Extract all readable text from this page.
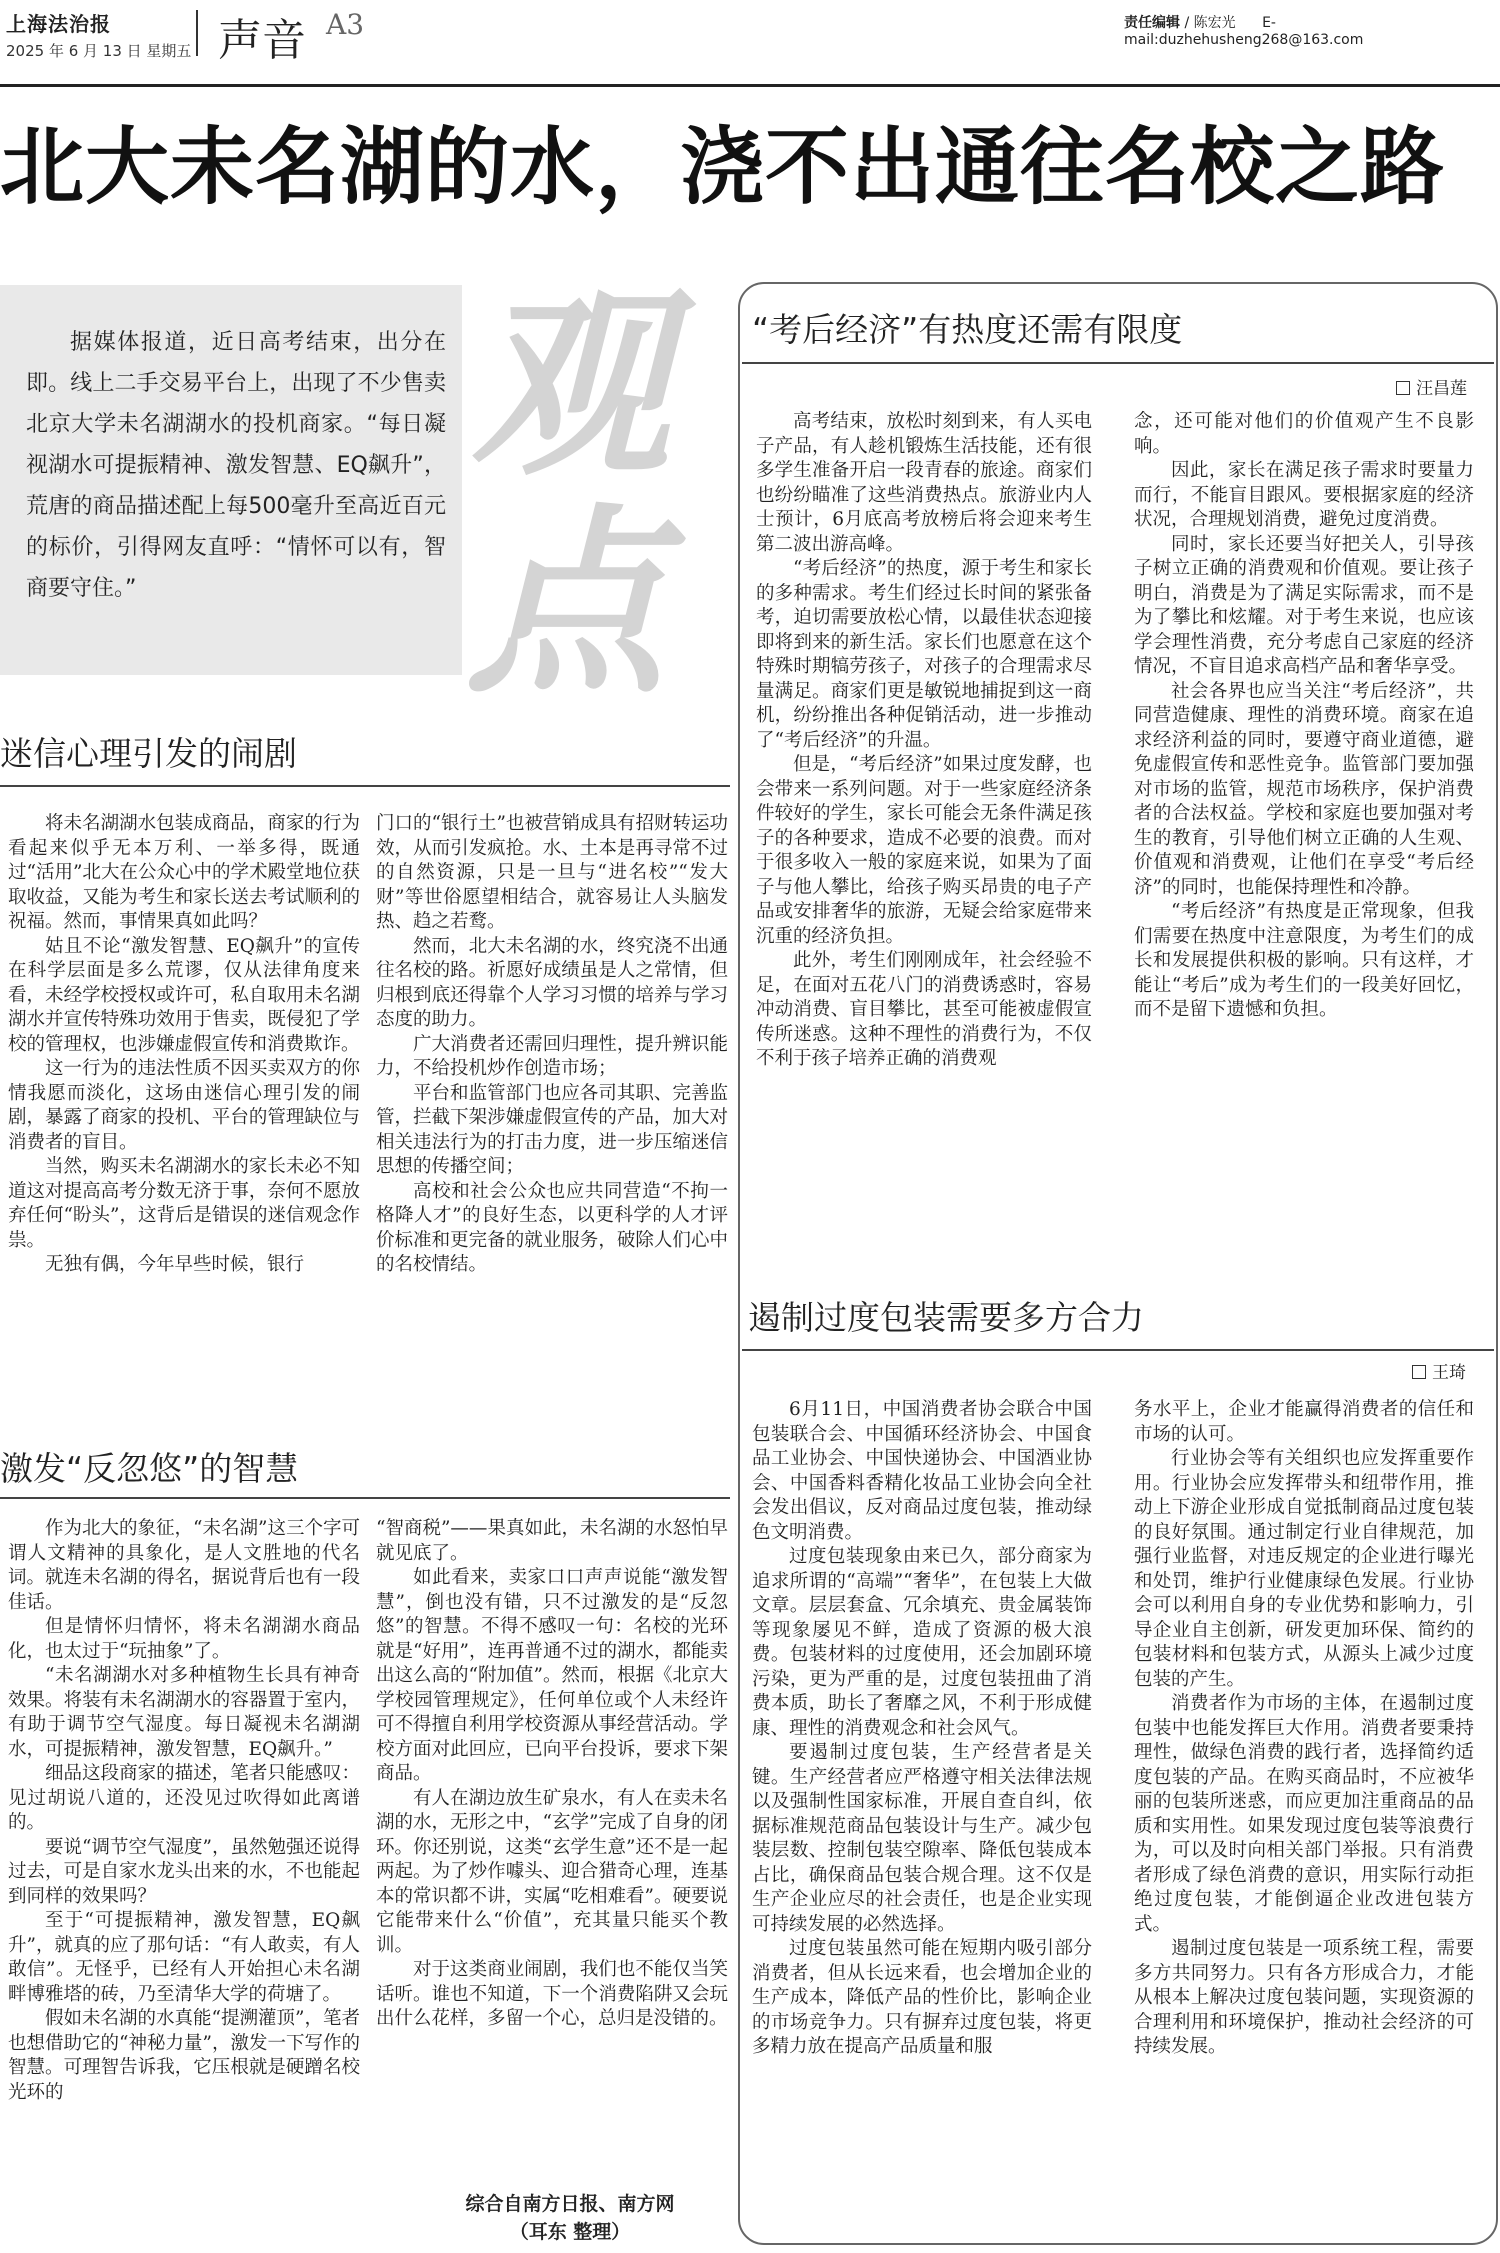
上海法治报
2025 年 6 月 13 日 星期五 声音 A3	责任编辑 / 陈宏光 E-mail:duzhehusheng268@163.com
北大未名湖的水，浇不出通往名校之路
据媒体报道，近日高考结束，出分在即。线上二手交易平台上，出现了不少售卖北京大学未名湖湖水的投机商家。“每日凝视湖水可提振精神、激发智慧、EQ飙升”，荒唐的商品描述配上每500毫升至高近百元的标价，引得网友直呼：“情怀可以有，智商要守住。”
观
点
迷信心理引发的闹剧

将未名湖湖水包装成商品，商家的行为看起来似乎无本万利、一举多得，既通过“活用”北大在公众心中的学术殿堂地位获取收益，又能为考生和家长送去考试顺利的祝福。然而，事情果真如此吗？

姑且不论“激发智慧、EQ飙升”的宣传在科学层面是多么荒谬，仅从法律角度来看，未经学校授权或许可，私自取用未名湖湖水并宣传特殊功效用于售卖，既侵犯了学校的管理权，也涉嫌虚假宣传和消费欺诈。

这一行为的违法性质不因买卖双方的你情我愿而淡化，这场由迷信心理引发的闹剧，暴露了商家的投机、平台的管理缺位与消费者的盲目。

当然，购买未名湖湖水的家长未必不知道这对提高高考分数无济于事，奈何不愿放弃任何“盼头”，这背后是错误的迷信观念作祟。

无独有偶，今年早些时候，银行

门口的“银行土”也被营销成具有招财转运功效，从而引发疯抢。水、土本是再寻常不过的自然资源，只是一旦与“进名校”“发大财”等世俗愿望相结合，就容易让人头脑发热、趋之若鹜。

然而，北大未名湖的水，终究浇不出通往名校的路。祈愿好成绩虽是人之常情，但归根到底还得靠个人学习习惯的培养与学习态度的助力。

广大消费者还需回归理性，提升辨识能力，不给投机炒作创造市场；

平台和监管部门也应各司其职、完善监管，拦截下架涉嫌虚假宣传的产品，加大对相关违法行为的打击力度，进一步压缩迷信思想的传播空间；

高校和社会公众也应共同营造“不拘一格降人才”的良好生态，以更科学的人才评价标准和更完备的就业服务，破除人们心中的名校情结。

激发“反忽悠”的智慧

作为北大的象征，“未名湖”这三个字可谓人文精神的具象化，是人文胜地的代名词。就连未名湖的得名，据说背后也有一段佳话。

但是情怀归情怀，将未名湖湖水商品化，也太过于“玩抽象”了。

“未名湖湖水对多种植物生长具有神奇效果。将装有未名湖湖水的容器置于室内，有助于调节空气湿度。每日凝视未名湖湖水，可提振精神，激发智慧，EQ飙升。”

细品这段商家的描述，笔者只能感叹：见过胡说八道的，还没见过吹得如此离谱的。

要说“调节空气湿度”，虽然勉强还说得过去，可是自家水龙头出来的水，不也能起到同样的效果吗？

至于“可提振精神，激发智慧，EQ飙升”，就真的应了那句话：“有人敢卖，有人敢信”。无怪乎，已经有人开始担心未名湖畔博雅塔的砖，乃至清华大学的荷塘了。

假如未名湖的水真能“提溯灌顶”，笔者也想借助它的“神秘力量”，激发一下写作的智慧。可理智告诉我，它压根就是硬蹭名校光环的

“智商税”——果真如此，未名湖的水怒怕早就见底了。

如此看来，卖家口口声声说能“激发智慧”，倒也没有错，只不过激发的是“反忽悠”的智慧。不得不感叹一句：名校的光环就是“好用”，连再普通不过的湖水，都能卖出这么高的“附加值”。然而，根据《北京大学校园管理规定》，任何单位或个人未经许可不得擅自利用学校资源从事经营活动。学校方面对此回应，已向平台投诉，要求下架商品。

有人在湖边放生矿泉水，有人在卖未名湖的水，无形之中，“玄学”完成了自身的闭环。你还别说，这类“玄学生意”还不是一起两起。为了炒作噱头、迎合猎奇心理，连基本的常识都不讲，实属“吃相难看”。硬要说它能带来什么“价值”，充其量只能买个教训。

对于这类商业闹剧，我们也不能仅当笑话听。谁也不知道，下一个消费陷阱又会玩出什么花样，多留一个心，总归是没错的。

综合自南方日报、南方网
（耳东 整理）
“考后经济”有热度还需有限度
汪昌莲

高考结束，放松时刻到来，有人买电子产品，有人趁机锻炼生活技能，还有很多学生准备开启一段青春的旅途。商家们也纷纷瞄准了这些消费热点。旅游业内人士预计，6月底高考放榜后将会迎来考生第二波出游高峰。

“考后经济”的热度，源于考生和家长的多种需求。考生们经过长时间的紧张备考，迫切需要放松心情，以最佳状态迎接即将到来的新生活。家长们也愿意在这个特殊时期犒劳孩子，对孩子的合理需求尽量满足。商家们更是敏锐地捕捉到这一商机，纷纷推出各种促销活动，进一步推动了“考后经济”的升温。

但是，“考后经济”如果过度发酵，也会带来一系列问题。对于一些家庭经济条件较好的学生，家长可能会无条件满足孩子的各种要求，造成不必要的浪费。而对于很多收入一般的家庭来说，如果为了面子与他人攀比，给孩子购买昂贵的电子产品或安排奢华的旅游，无疑会给家庭带来沉重的经济负担。

此外，考生们刚刚成年，社会经验不足，在面对五花八门的消费诱惑时，容易冲动消费、盲目攀比，甚至可能被虚假宣传所迷惑。这种不理性的消费行为，不仅不利于孩子培养正确的消费观

念，还可能对他们的价值观产生不良影响。

因此，家长在满足孩子需求时要量力而行，不能盲目跟风。要根据家庭的经济状况，合理规划消费，避免过度消费。

同时，家长还要当好把关人，引导孩子树立正确的消费观和价值观。要让孩子明白，消费是为了满足实际需求，而不是为了攀比和炫耀。对于考生来说，也应该学会理性消费，充分考虑自己家庭的经济情况，不盲目追求高档产品和奢华享受。

社会各界也应当关注“考后经济”，共同营造健康、理性的消费环境。商家在追求经济利益的同时，要遵守商业道德，避免虚假宣传和恶性竞争。监管部门要加强对市场的监管，规范市场秩序，保护消费者的合法权益。学校和家庭也要加强对考生的教育，引导他们树立正确的人生观、价值观和消费观，让他们在享受“考后经济”的同时，也能保持理性和冷静。

“考后经济”有热度是正常现象，但我们需要在热度中注意限度，为考生们的成长和发展提供积极的影响。只有这样，才能让“考后”成为考生们的一段美好回忆，而不是留下遗憾和负担。

遏制过度包装需要多方合力
王琦

6月11日，中国消费者协会联合中国包装联合会、中国循环经济协会、中国食品工业协会、中国快递协会、中国酒业协会、中国香料香精化妆品工业协会向全社会发出倡议，反对商品过度包装，推动绿色文明消费。

过度包装现象由来已久，部分商家为追求所谓的“高端”“奢华”，在包装上大做文章。层层套盒、冗余填充、贵金属装饰等现象屡见不鲜，造成了资源的极大浪费。包装材料的过度使用，还会加剧环境污染，更为严重的是，过度包装扭曲了消费本质，助长了奢靡之风，不利于形成健康、理性的消费观念和社会风气。

要遏制过度包装，生产经营者是关键。生产经营者应严格遵守相关法律法规以及强制性国家标准，开展自查自纠，依据标准规范商品包装设计与生产。减少包装层数、控制包装空隙率、降低包装成本占比，确保商品包装合规合理。这不仅是生产企业应尽的社会责任，也是企业实现可持续发展的必然选择。

过度包装虽然可能在短期内吸引部分消费者，但从长远来看，也会增加企业的生产成本，降低产品的性价比，影响企业的市场竞争力。只有摒弃过度包装，将更多精力放在提高产品质量和服

务水平上，企业才能赢得消费者的信任和市场的认可。

行业协会等有关组织也应发挥重要作用。行业协会应发挥带头和纽带作用，推动上下游企业形成自觉抵制商品过度包装的良好氛围。通过制定行业自律规范，加强行业监督，对违反规定的企业进行曝光和处罚，维护行业健康绿色发展。行业协会可以利用自身的专业优势和影响力，引导企业自主创新，研发更加环保、简约的包装材料和包装方式，从源头上减少过度包装的产生。

消费者作为市场的主体，在遏制过度包装中也能发挥巨大作用。消费者要秉持理性，做绿色消费的践行者，选择简约适度包装的产品。在购买商品时，不应被华丽的包装所迷惑，而应更加注重商品的品质和实用性。如果发现过度包装等浪费行为，可以及时向相关部门举报。只有消费者形成了绿色消费的意识，用实际行动拒绝过度包装，才能倒逼企业改进包装方式。

遏制过度包装是一项系统工程，需要多方共同努力。只有各方形成合力，才能从根本上解决过度包装问题，实现资源的合理利用和环境保护，推动社会经济的可持续发展。
